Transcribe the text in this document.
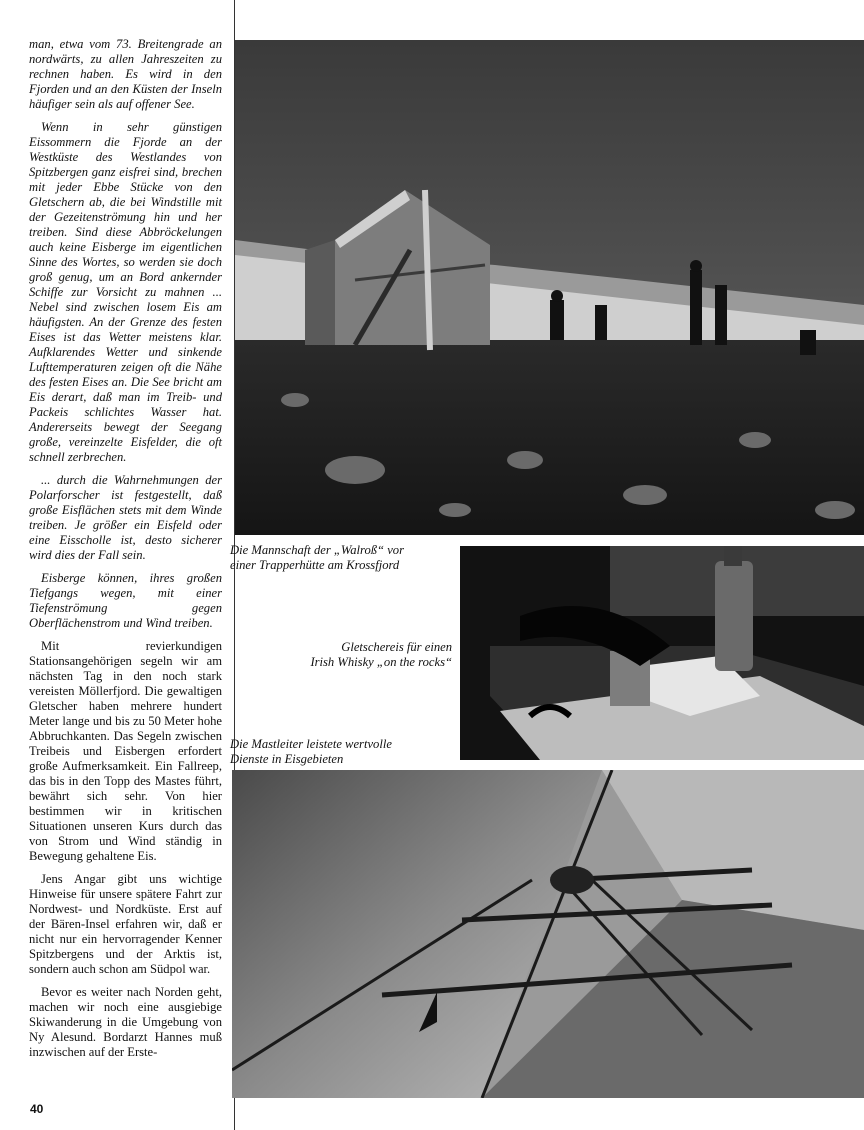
man, etwa vom 73. Breitengrade an nordwärts, zu allen Jahreszeiten zu rechnen haben. Es wird in den Fjorden und an den Küsten der Inseln häufiger sein als auf offener See.

Wenn in sehr günstigen Eissommern die Fjorde an der Westküste des Westlandes von Spitzbergen ganz eisfrei sind, brechen mit jeder Ebbe Stücke von den Gletschern ab, die bei Windstille mit der Gezeitenströmung hin und her treiben. Sind diese Abbröckelungen auch keine Eisberge im eigentlichen Sinne des Wortes, so werden sie doch groß genug, um an Bord ankernder Schiffe zur Vorsicht zu mahnen ... Nebel sind zwischen losem Eis am häufigsten. An der Grenze des festen Eises ist das Wetter meistens klar. Aufklarendes Wetter und sinkende Lufttemperaturen zeigen oft die Nähe des festen Eises an. Die See bricht am Eis derart, daß man im Treib- und Packeis schlichtes Wasser hat. Andererseits bewegt der Seegang große, vereinzelte Eisfelder, die oft schnell zerbrechen.

... durch die Wahrnehmungen der Polarforscher ist festgestellt, daß große Eisflächen stets mit dem Winde treiben. Je größer ein Eisfeld oder eine Eisscholle ist, desto sicherer wird dies der Fall sein.

Eisberge können, ihres großen Tiefgangs wegen, mit einer Tiefenströmung gegen Oberflächenstrom und Wind treiben.

Mit revierkundigen Stationsangehörigen segeln wir am nächsten Tag in den noch stark vereisten Möllerfjord. Die gewaltigen Gletscher haben mehrere hundert Meter lange und bis zu 50 Meter hohe Abbruchkanten. Das Segeln zwischen Treibeis und Eisbergen erfordert große Aufmerksamkeit. Ein Fallreep, das bis in den Topp des Mastes führt, bewährt sich sehr. Von hier bestimmen wir in kritischen Situationen unseren Kurs durch das von Strom und Wind ständig in Bewegung gehaltene Eis.

Jens Angar gibt uns wichtige Hinweise für unsere spätere Fahrt zur Nordwest- und Nordküste. Erst auf der Bären-Insel erfahren wir, daß er nicht nur ein hervorragender Kenner Spitzbergens und der Arktis ist, sondern auch schon am Südpol war.

Bevor es weiter nach Norden geht, machen wir noch eine ausgiebige Skiwanderung in die Umgebung von Ny Alesund. Bordarzt Hannes muß inzwischen auf der Erste-

Die Mannschaft der „Walroß“ vor
einer Trapperhütte am Krossfjord
Gletschereis für einen
Irish Whisky „on the rocks“
Die Mastleiter leistete wertvolle
Dienste in Eisgebieten
40
